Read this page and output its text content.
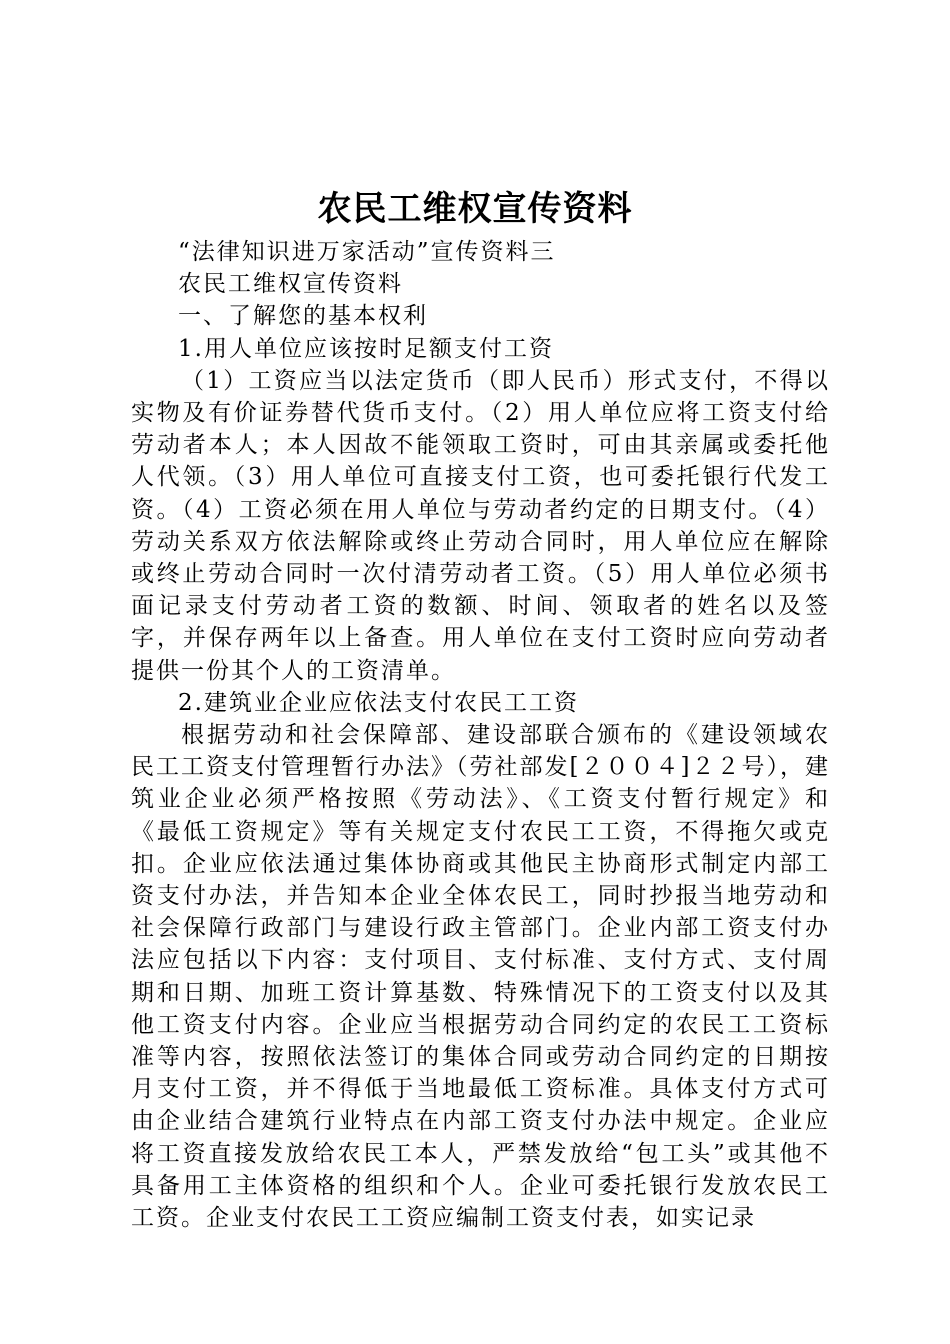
农民工维权宣传资料

“法律知识进万家活动”宣传资料三

农民工维权宣传资料

一、了解您的基本权利

1.用人单位应该按时足额支付工资

（1）工资应当以法定货币（即人民币）形式支付，不得以实物及有价证券替代货币支付。（2）用人单位应将工资支付给劳动者本人；本人因故不能领取工资时，可由其亲属或委托他人代领。（3）用人单位可直接支付工资，也可委托银行代发工资。（4）工资必须在用人单位与劳动者约定的日期支付。（4）劳动关系双方依法解除或终止劳动合同时，用人单位应在解除或终止劳动合同时一次付清劳动者工资。（5）用人单位必须书面记录支付劳动者工资的数额、时间、领取者的姓名以及签字，并保存两年以上备查。用人单位在支付工资时应向劳动者提供一份其个人的工资清单。

2.建筑业企业应依法支付农民工工资

根据劳动和社会保障部、建设部联合颁布的《建设领域农民工工资支付管理暂行办法》（劳社部发[２００４]２２号），建筑业企业必须严格按照《劳动法》、《工资支付暂行规定》和《最低工资规定》等有关规定支付农民工工资，不得拖欠或克扣。企业应依法通过集体协商或其他民主协商形式制定内部工资支付办法，并告知本企业全体农民工，同时抄报当地劳动和社会保障行政部门与建设行政主管部门。企业内部工资支付办法应包括以下内容：支付项目、支付标准、支付方式、支付周期和日期、加班工资计算基数、特殊情况下的工资支付以及其他工资支付内容。企业应当根据劳动合同约定的农民工工资标准等内容，按照依法签订的集体合同或劳动合同约定的日期按月支付工资，并不得低于当地最低工资标准。具体支付方式可由企业结合建筑行业特点在内部工资支付办法中规定。企业应将工资直接发放给农民工本人，严禁发放给“包工头”或其他不具备用工主体资格的组织和个人。企业可委托银行发放农民工工资。企业支付农民工工资应编制工资支付表，如实记录
